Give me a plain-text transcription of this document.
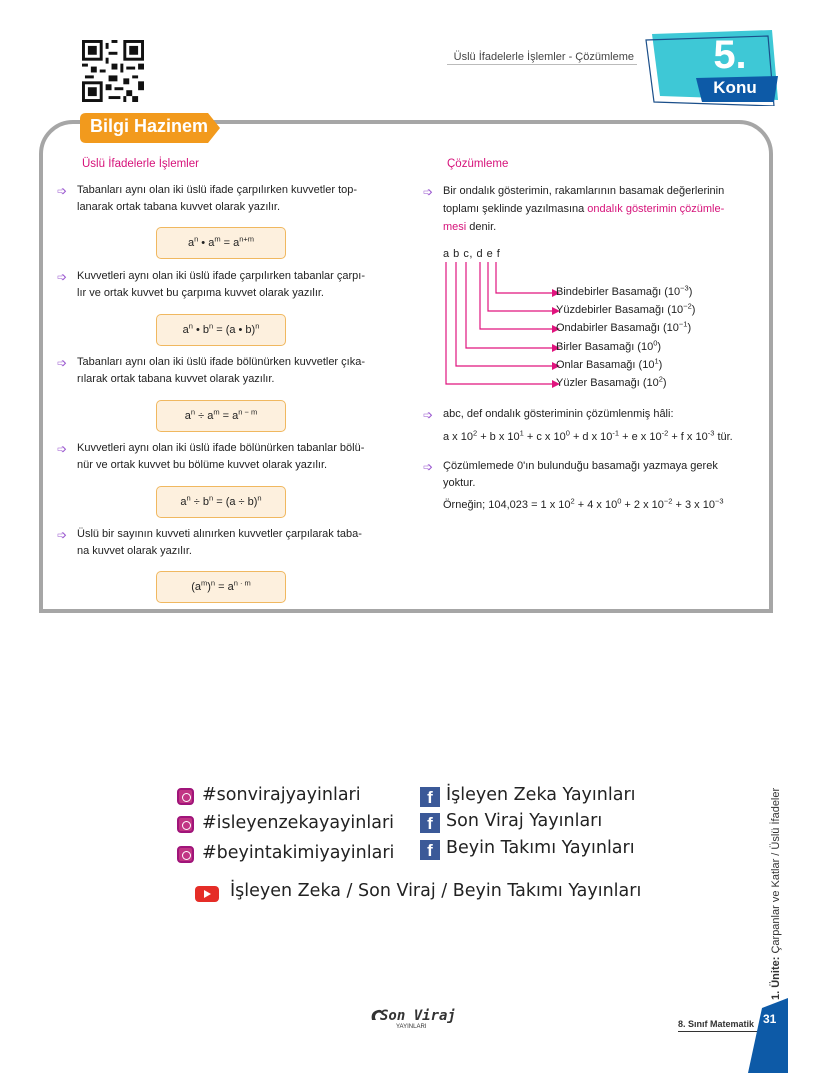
Üslü İfadelerle İşlemler - Çözümleme	5.
Konu
Bilgi Hazinem
Üslü İfadelerle İşlemler
➩ Tabanları aynı olan iki üslü ifade çarpılırken kuvvetler top-
lanarak ortak tabana kuvvet olarak yazılır.
$a^n$ • $a^m = a^{n+m}$
➩ Kuvvetleri aynı olan iki üslü ifade çarpılırken tabanlar çarpı-
lır ve ortak kuvvet bu çarpıma kuvvet olarak yazılır.
$a^n$ • $b^n = (a$ • b)$^n$
➩ Tabanları aynı olan iki üslü ifade bölünürken kuvvetler çıka-
rılarak ortak tabana kuvvet olarak yazılır.
$a^n \div a^m = a^{n - m}$
➩ Kuvvetleri aynı olan iki üslü ifade bölünürken tabanlar bölü-
nür ve ortak kuvvet bu bölüme kuvvet olarak yazılır.
$a^n \div b^n = (a \div b)^n$
➩ Üslü bir sayının kuvveti alınırken kuvvetler çarpılarak taba-
na kuvvet olarak yazılır.
$(a^m)^n = a^{n \cdot m}$
Çözümleme
➩ Bir ondalık gösterimin, rakamlarının basamak değerlerinin
toplamı şeklinde yazılmasına ondalık gösterimin çözümle-
mesi denir.
a b c, d e f
Bindebirler Basamağı $(10^{-3})$
Yüzdebirler Basamağı $(10^{-2})$
Ondabirler Basamağı $(10^{-1})$
Birler Basamağı $(10^0)$
Onlar Basamağı $(10^1)$
Yüzler Basamağı $(10^2)$
➩ abc, def ondalık gösteriminin çözümlenmiş hâli:
a x $10^2 + b$ x $10^1 + c$ x $10^0 + d$ x $10^{-1} + e$ x $10^{-2} + f$ x $10^{-3}$ tür.
➩ Çözümlemede 0'ın bulunduğu basamağı yazmaya gerek
yoktur.
Örneğin; 104,023 = 1 x $10^2 + 4$ x $10^0 + 2$ x $10^{-2} + 3$ x $10^{-3}$
#sonvirajyayinlari
#isleyenzekayayinlari
#beyintakimiyayinlari
f İşleyen Zeka Yayınları
f Son Viraj Yayınları
f Beyin Takımı Yayınları
İşleyen Zeka / Son Viraj / Beyin Takımı Yayınları
Son Viraj
YAYINLARI	8. Sınıf Matematik 31
1. Ünite: Çarpanlar ve Katlar / Üslü İfadeler
